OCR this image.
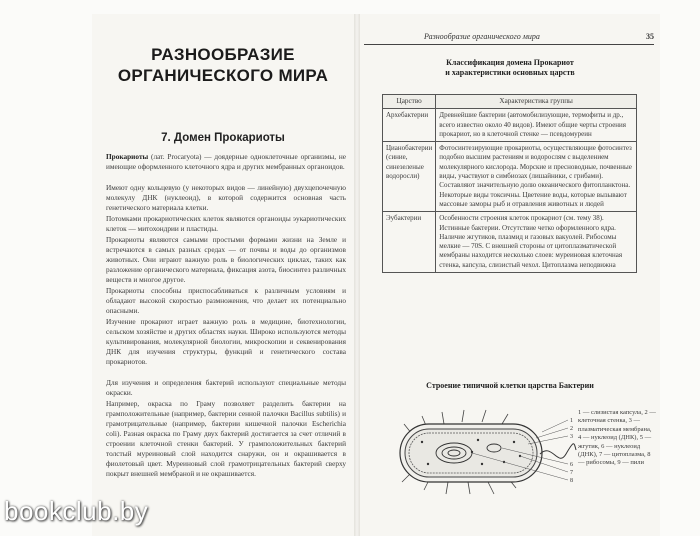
РАЗНООБРАЗИЕ
ОРГАНИЧЕСКОГО МИРА
7. Домен Прокариоты
Прокариоты (лат. Procaryota) — доядерные одноклеточные организмы, не имеющие оформленного клеточного ядра и других мембранных органоидов.
Имеют одну кольцевую (у некоторых видов — линейную) двухцепочечную молекулу ДНК (нуклеоид), в которой содержится основная часть генетического материала клетки.
Потомками прокариотических клеток являются органоиды эукариотических клеток — митохондрии и пластиды.
Прокариоты являются самыми простыми формами жизни на Земле и встречаются в самых разных средах — от почвы и воды до организмов животных. Они играют важную роль в биологических циклах, таких как разложение органического материала, фиксация азота, биосинтез различных веществ и многое другое.
Прокариоты способны приспосабливаться к различным условиям и обладают высокой скоростью размножения, что делает их потенциально опасными.
Изучение прокариот играет важную роль в медицине, биотехнологии, сельском хозяйстве и других областях науки. Широко используются методы культивирования, молекулярной биологии, микроскопии и секвенирования ДНК для изучения структуры, функций и генетического состава прокариотов.
Для изучения и определения бактерий используют специальные методы окраски.
Например, окраска по Граму позволяет разделить бактерии на грамположительные (например, бактерии сенной палочки Bacillus subtilis) и грамотрицательные (например, бактерии кишечной палочки Escherichia coli). Разная окраска по Граму двух бактерий достигается за счет отличий в строении клеточной стенки бактерий. У грамположительных бактерий толстый муреиновый слой находится снаружи, он и окрашивается в фиолетовый цвет. Муреиновый слой грамотрицательных бактерий сверху покрыт внешней мембраной и не окрашивается.
Разнообразие органического мира	35
Классификация домена Прокариот
и характеристики основных царств
Царство	Характеристика группы
Архебактерии	Древнейшие бактерии (автомобилизующие, термофиты и др., всего известно около 40 видов). Имеют общие черты строения прокариот, но в клеточной стенке — псевдомуреин
Цианобактерии (синие, синезеленые водоросли)	Фотосинтезирующие прокариоты, осуществляющие фотосинтез подобно высшим растениям и водорослям с выделением молекулярного кислорода. Морские и пресноводные, почвенные виды, участвуют в симбиозах (лишайники, с грибами). Составляют значительную долю океанического фитопланктона. Некоторые виды токсичны. Цветение воды, которые вызывают массовые заморы рыб и отравления животных и людей
Эубактерии	Особенности строения клеток прокариот (см. тему 38). Истинные бактерии. Отсутствие четко оформленного ядра. Наличие жгутиков, плазмид и газовых вакуолей. Рибосомы мелкие — 70S. С внешней стороны от цитоплазматической мембраны находится несколько слоев: муреиновая клеточная стенка, капсула, слизистый чехол. Цитоплазма неподвижна
Строение типичной клетки царства Бактерии
1
2
3
6
7
8
1 — слизистая капсула, 2 — клеточная стенка, 3 — плазматическая мембрана, 4 — нуклеоид (ДНК), 5 — жгутик, 6 — нуклеоид (ДНК), 7 — цитоплазма, 8 — рибосомы, 9 — пили
bookclub.by
